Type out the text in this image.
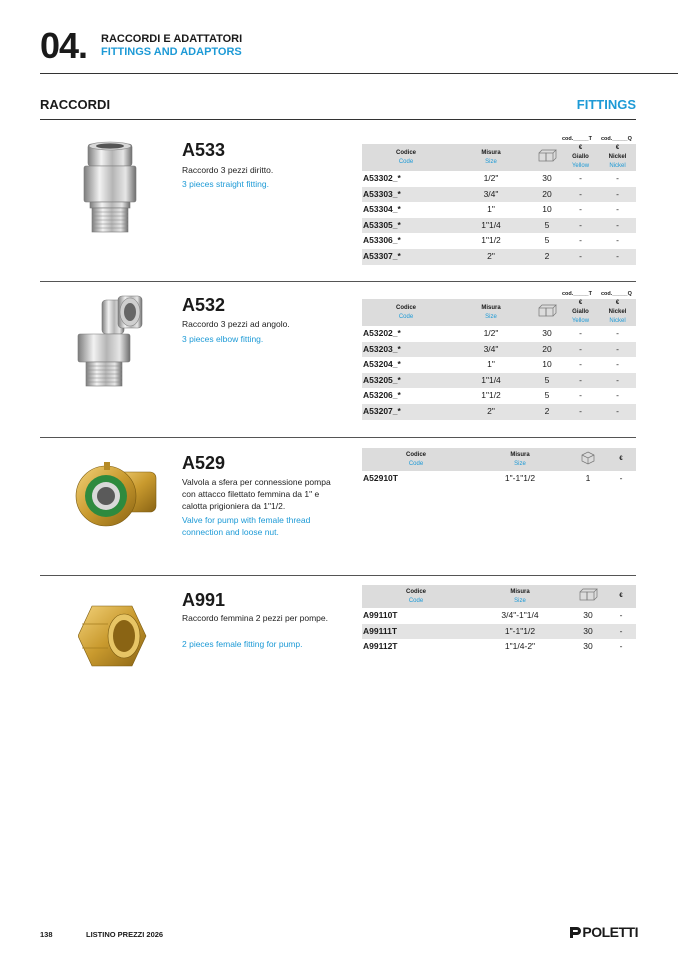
04. RACCORDI E ADATTATORI
FITTINGS AND ADAPTORS
RACCORDI	FITTINGS
A533
Raccordo 3 pezzi diritto.
3 pieces straight fitting.
cod._____T cod._____Q
Codice
Code	Misura
Size		€
Giallo
Yellow	€
Nickel
Nickel
A53302_*	1/2"	30	-	-
A53303_*	3/4"	20	-	-
A53304_*	1"	10	-	-
A53305_*	1"1/4	5	-	-
A53306_*	1"1/2	5	-	-
A53307_*	2"	2	-	-
A532
Raccordo 3 pezzi ad angolo.
3 pieces elbow fitting.
cod._____T cod._____Q
Codice
Code	Misura
Size		€
Giallo
Yellow	€
Nickel
Nickel
A53202_*	1/2"	30	-	-
A53203_*	3/4"	20	-	-
A53204_*	1"	10	-	-
A53205_*	1"1/4	5	-	-
A53206_*	1"1/2	5	-	-
A53207_*	2"	2	-	-
A529
Valvola a sfera per connessione pompa con attacco filettato femmina da 1" e calotta prigioniera da 1"1/2.
Valve for pump with female thread connection and loose nut.
Codice
Code	Misura
Size		€
A52910T	1"-1"1/2	1	-
A991
Raccordo femmina 2 pezzi per pompe.
2 pieces female fitting for pump.
Codice
Code	Misura
Size		€
A99110T	3/4"-1"1/4	30	-
A99111T	1"-1"1/2	30	-
A99112T	1"1/4-2"	30	-
138	LISTINO PREZZI 2026	POLETTI
